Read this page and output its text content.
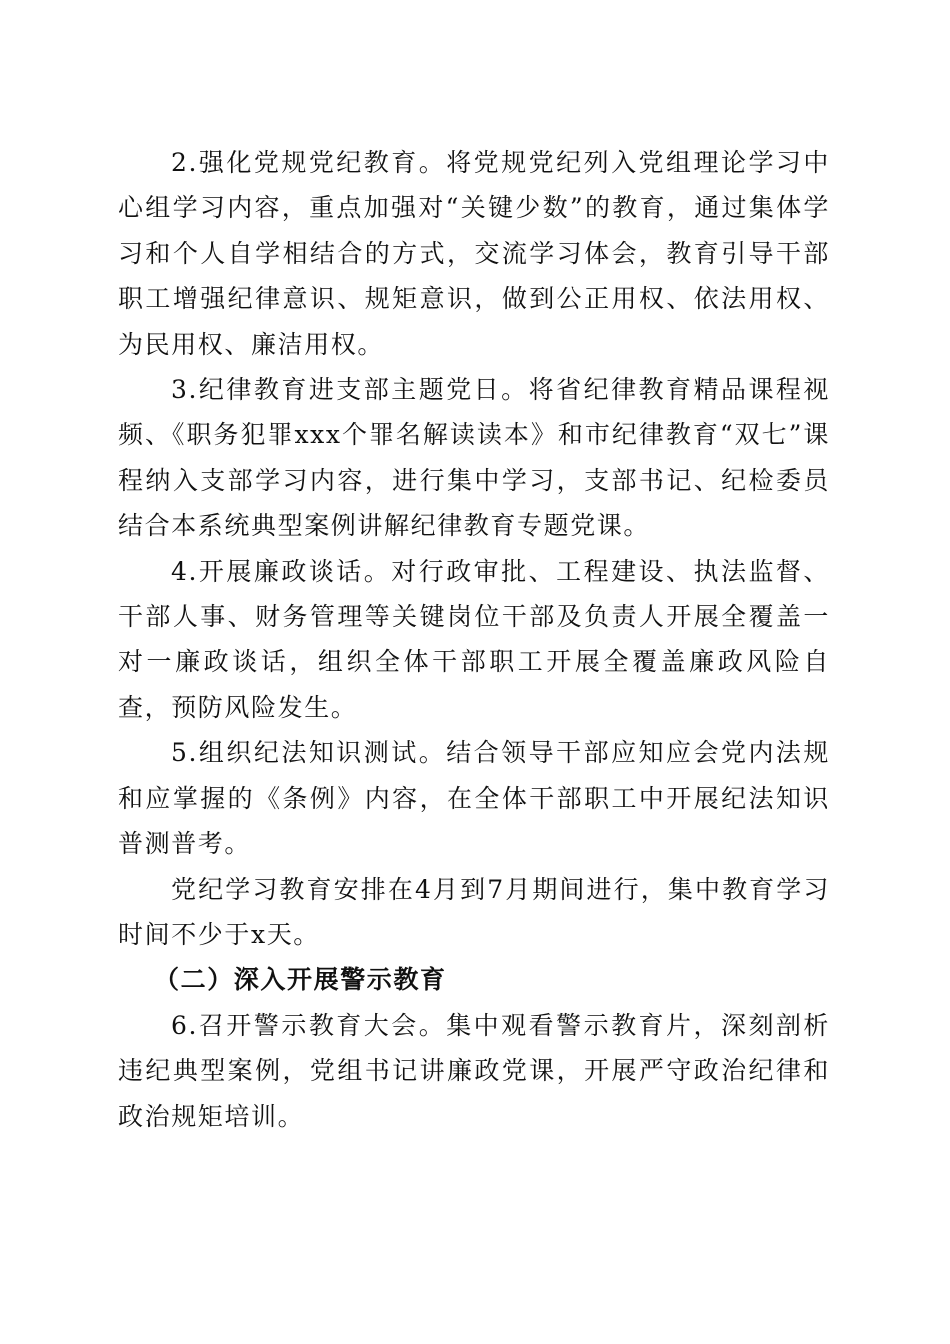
2.强化党规党纪教育。将党规党纪列入党组理论学习中心组学习内容，重点加强对“关键少数”的教育，通过集体学习和个人自学相结合的方式，交流学习体会，教育引导干部职工增强纪律意识、规矩意识，做到公正用权、依法用权、为民用权、廉洁用权。

3.纪律教育进支部主题党日。将省纪律教育精品课程视频、《职务犯罪xxx个罪名解读读本》和市纪律教育“双七”课程纳入支部学习内容，进行集中学习，支部书记、纪检委员结合本系统典型案例讲解纪律教育专题党课。

4.开展廉政谈话。对行政审批、工程建设、执法监督、干部人事、财务管理等关键岗位干部及负责人开展全覆盖一对一廉政谈话，组织全体干部职工开展全覆盖廉政风险自查，预防风险发生。

5.组织纪法知识测试。结合领导干部应知应会党内法规和应掌握的《条例》内容，在全体干部职工中开展纪法知识普测普考。

党纪学习教育安排在4月到7月期间进行，集中教育学习时间不少于x天。

（二）深入开展警示教育

6.召开警示教育大会。集中观看警示教育片，深刻剖析违纪典型案例，党组书记讲廉政党课，开展严守政治纪律和政治规矩培训。
